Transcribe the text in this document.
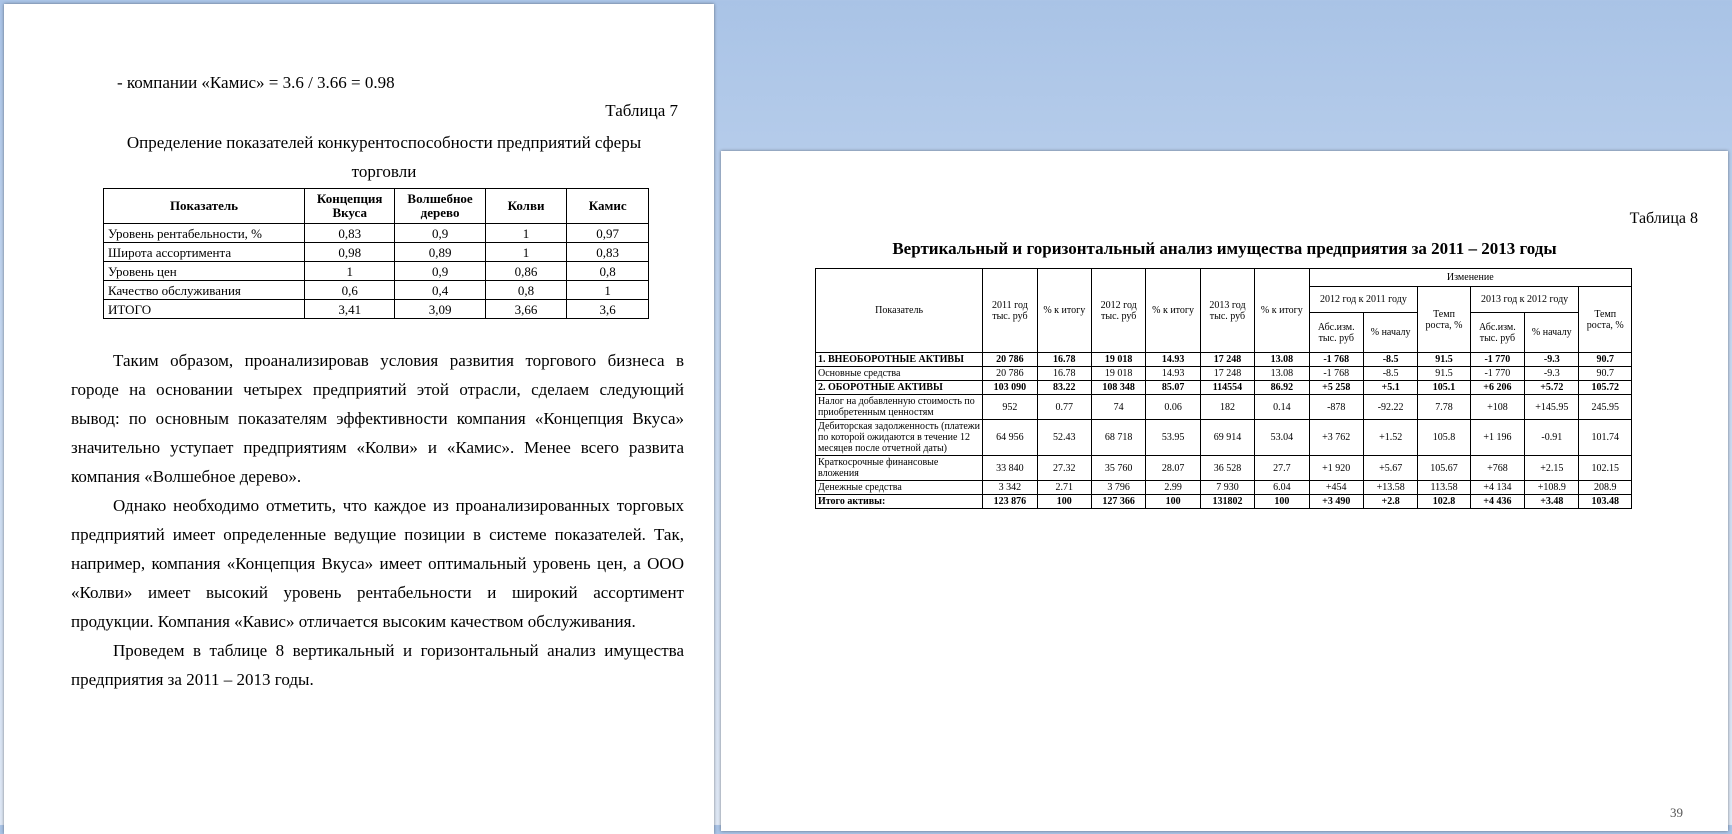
- компании «Камис» = 3.6 / 3.66 = 0.98
Таблица 7
Определение показателей конкурентоспособности предприятий сферы
торговли
Показатель	Концепция Вкуса	Волшебное дерево	Колви	Камис
Уровень рентабельности, %	0,83	0,9	1	0,97
Широта ассортимента	0,98	0,89	1	0,83
Уровень цен	1	0,9	0,86	0,8
Качество обслуживания	0,6	0,4	0,8	1
ИТОГО	3,41	3,09	3,66	3,6
Таким образом, проанализировав условия развития торгового бизнеса в городе на основании четырех предприятий этой отрасли, сделаем следующий вывод: по основным показателям эффективности компания «Концепция Вкуса» значительно уступает предприятиям «Колви» и «Камис». Менее всего развита компания «Волшебное дерево».
Однако необходимо отметить, что каждое из проанализированных торговых предприятий имеет определенные ведущие позиции в системе показателей. Так, например, компания «Концепция Вкуса» имеет оптимальный уровень цен, а ООО «Колви» имеет высокий уровень рентабельности и широкий ассортимент продукции. Компания «Кавис» отличается высоким качеством обслуживания.
Проведем в таблице 8 вертикальный и горизонтальный анализ имущества предприятия за 2011 – 2013 годы.
Таблица 8
Вертикальный и горизонтальный анализ имущества предприятия за 2011 – 2013 годы
Показатель	2011 год тыс. руб	% к итогу	2012 год тыс. руб	% к итогу	2013 год тыс. руб	% к итогу	Изменение					
							2012 год к 2011 году		Темп роста, %	2013 год к 2012 году		Темп роста, %
							Абс.изм. тыс. руб	% началу		Абс.изм. тыс. руб	% началу	
1. ВНЕОБОРОТНЫЕ АКТИВЫ	20 786	16.78	19 018	14.93	17 248	13.08	-1 768	-8.5	91.5	-1 770	-9.3	90.7
Основные средства	20 786	16.78	19 018	14.93	17 248	13.08	-1 768	-8.5	91.5	-1 770	-9.3	90.7
2. ОБОРОТНЫЕ АКТИВЫ	103 090	83.22	108 348	85.07	114554	86.92	+5 258	+5.1	105.1	+6 206	+5.72	105.72
Налог на добавленную стоимость по приобретенным ценностям	952	0.77	74	0.06	182	0.14	-878	-92.22	7.78	+108	+145.95	245.95
Дебиторская задолженность (платежи по которой ожидаются в течение 12 месяцев после отчетной даты)	64 956	52.43	68 718	53.95	69 914	53.04	+3 762	+1.52	105.8	+1 196	-0.91	101.74
Краткосрочные финансовые вложения	33 840	27.32	35 760	28.07	36 528	27.7	+1 920	+5.67	105.67	+768	+2.15	102.15
Денежные средства	3 342	2.71	3 796	2.99	7 930	6.04	+454	+13.58	113.58	+4 134	+108.9	208.9
Итого активы:	123 876	100	127 366	100	131802	100	+3 490	+2.8	102.8	+4 436	+3.48	103.48
39
